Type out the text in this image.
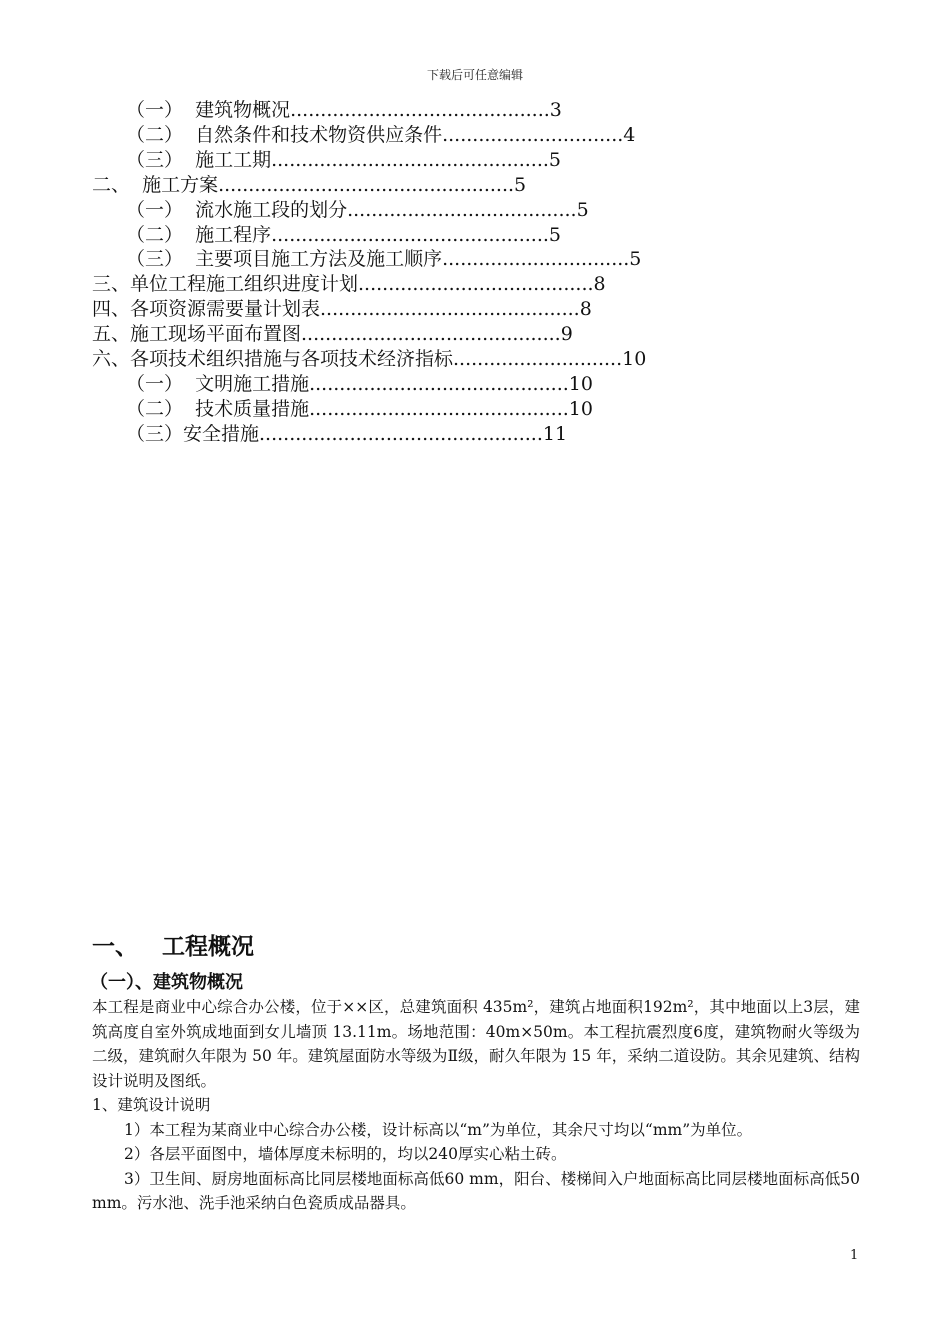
下载后可任意编辑
（一）  建筑物概况...........................................3
（二）  自然条件和技术物资供应条件..............................4
（三）  施工工期..............................................5
二、  施工方案.................................................5
（一）  流水施工段的划分......................................5
（二）  施工程序..............................................5
（三）  主要项目施工方法及施工顺序...............................5
三、单位工程施工组织进度计划.......................................8
四、各项资源需要量计划表...........................................8
五、施工现场平面布置图...........................................9
六、各项技术组织措施与各项技术经济指标............................10
（一）  文明施工措施...........................................10
（二）  技术质量措施...........................................10
（三）安全措施...............................................11
一、   工程概况
（一）、建筑物概况

本工程是商业中心综合办公楼，位于××区，总建筑面积 435m²，建筑占地面积192m²，其中地面以上3层，建筑高度自室外筑成地面到女儿墙顶 13.11m。场地范围：40m×50m。本工程抗震烈度6度，建筑物耐火等级为二级，建筑耐久年限为 50 年。建筑屋面防水等级为Ⅱ级，耐久年限为 15 年，采纳二道设防。其余见建筑、结构设计说明及图纸。

1、建筑设计说明

1）本工程为某商业中心综合办公楼，设计标高以“m”为单位，其余尺寸均以“mm”为单位。

2）各层平面图中，墙体厚度未标明的，均以240厚实心粘土砖。

3）卫生间、厨房地面标高比同层楼地面标高低60 mm，阳台、楼梯间入户地面标高比同层楼地面标高低50 mm。污水池、洗手池采纳白色瓷质成品器具。

1
